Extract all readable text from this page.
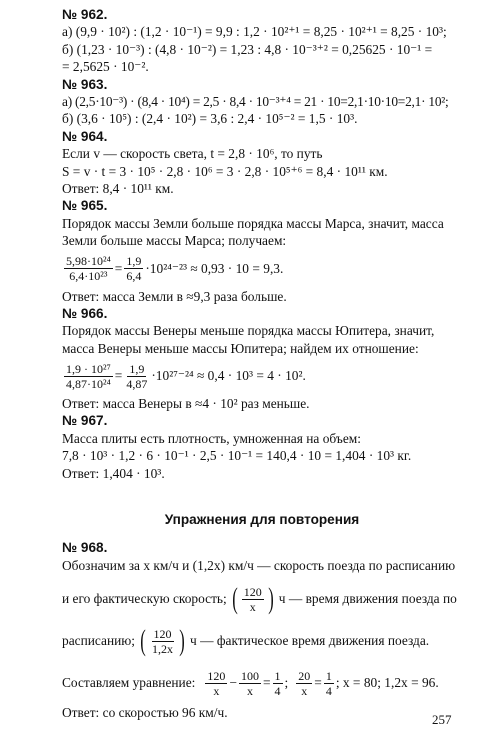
№ 962.
а) (9,9 · 10²) : (1,2 · 10⁻¹) = 9,9 : 1,2 · 10²⁺¹ = 8,25 · 10²⁺¹ = 8,25 · 10³;
б) (1,23 · 10⁻³) : (4,8 · 10⁻²) = 1,23 : 4,8 · 10⁻³⁺² = 0,25625 · 10⁻¹ =
= 2,5625 · 10⁻².
№ 963.
а) (2,5·10⁻³) · (8,4 · 10⁴) = 2,5 · 8,4 · 10⁻³⁺⁴ = 21 · 10=2,1·10·10=2,1· 10²;
б) (3,6 · 10⁵) : (2,4 · 10²) = 3,6 : 2,4 · 10⁵⁻² = 1,5 · 10³.
№ 964.
Если v — скорость света, t = 2,8 · 10⁶, то путь
S = v · t = 3 · 10⁵ · 2,8 · 10⁶ = 3 · 2,8 · 10⁵⁺⁶ = 8,4 · 10¹¹ км.
Ответ: 8,4 · 10¹¹ км.
№ 965.
Порядок массы Земли больше порядка массы Марса, значит, масса Земли больше массы Марса; получаем:
$\frac{\text{5,98·10²⁴}}{\text{6,4·10²³}} = \frac{1,9}{6,4} \cdot 10^{24-23} \approx 0,93 \cdot 10 = 9,3$.
Ответ: масса Земли в ≈9,3 раза больше.
№ 966.
Порядок массы Венеры меньше порядка массы Юпитера, значит, масса Венеры меньше массы Юпитера; найдем их отношение:
$\frac{\text{1,9 · 10²⁷}}{\text{4,87·10²⁴}} = \frac{1,9}{4,87} \cdot 10^{27-24} \approx 0,4 \cdot 10^3 = 4 \cdot 10^2$.
Ответ: масса Венеры в ≈4 · 10² раз меньше.
№ 967.
Масса плиты есть плотность, умноженная на объем:
7,8 · 10³ · 1,2 · 6 · 10⁻¹ · 2,5 · 10⁻¹ = 140,4 · 10 = 1,404 · 10³ кг.
Ответ: 1,404 · 10³.
Упражнения для повторения
№ 968.
Обозначим за x км/ч и (1,2x) км/ч — скорость поезда по расписанию
и его фактическую скорость; ( $\frac{120}{x}$ ) ч — время движения поезда по
расписанию; ( $\frac{120}{1,2x}$ ) ч — фактическое время движения поезда.
Составляем уравнение: $\frac{120}{x} - \frac{100}{x} = \frac{1}{4}$ ; $\frac{20}{x} = \frac{1}{4}$ ; x = 80; 1,2x = 96.
Ответ: со скоростью 96 км/ч.	257
